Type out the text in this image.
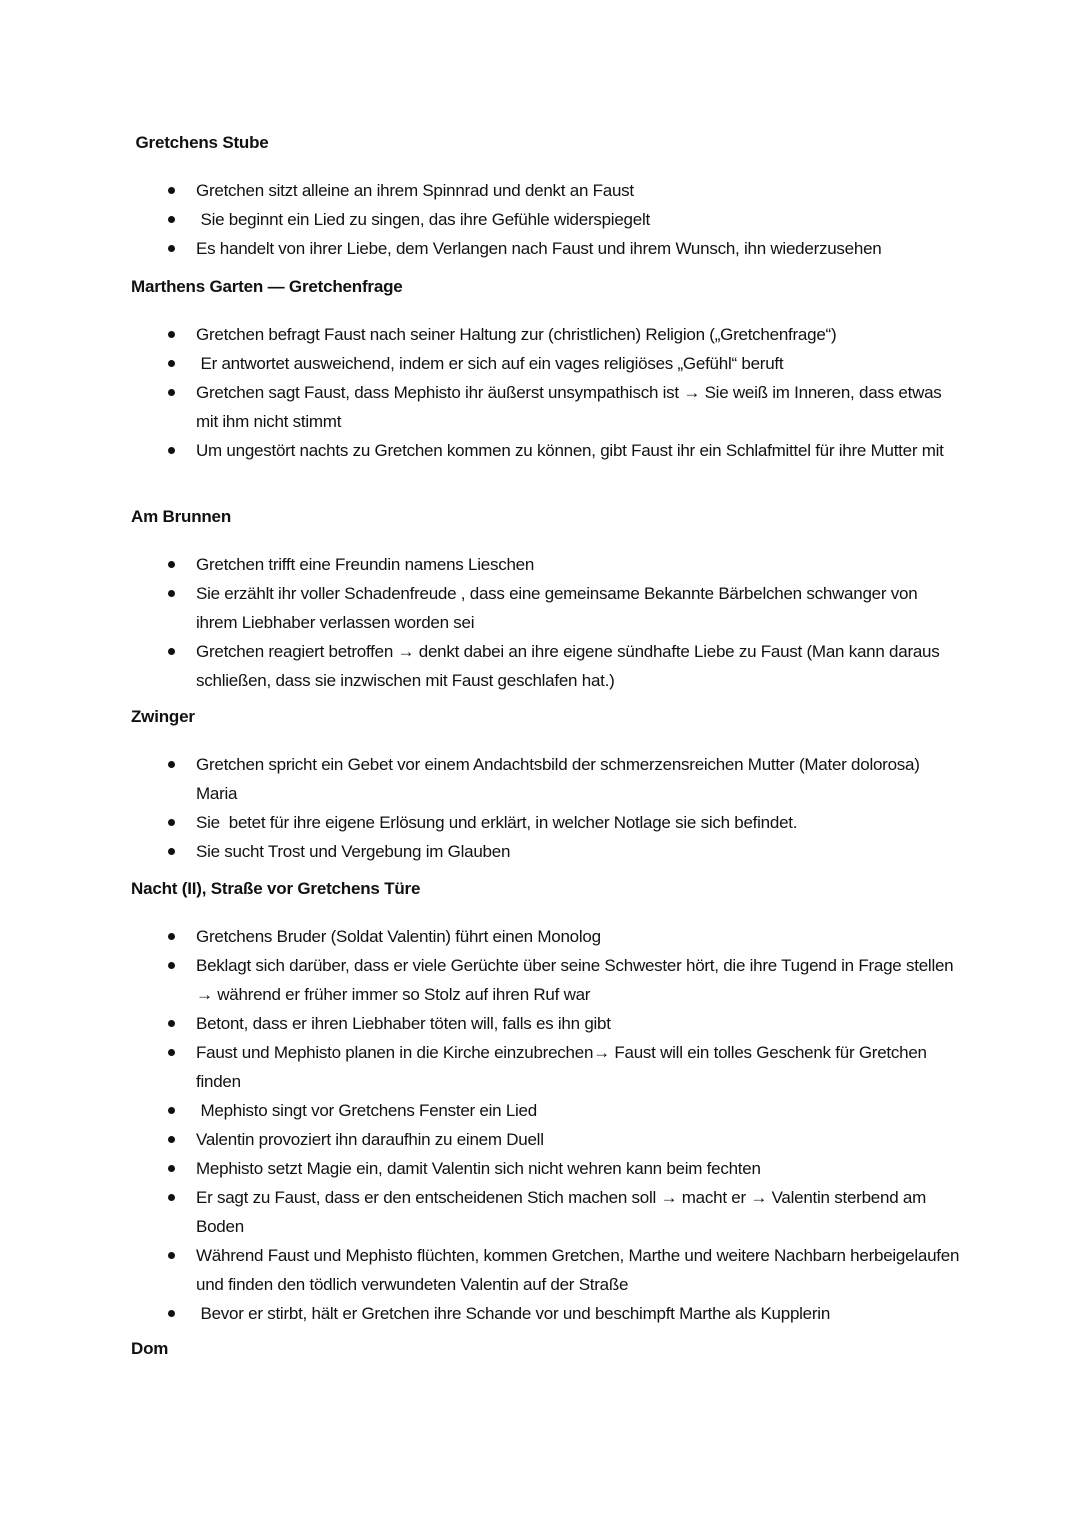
Gretchens Stube
Gretchen sitzt alleine an ihrem Spinnrad und denkt an Faust
Sie beginnt ein Lied zu singen, das ihre Gefühle widerspiegelt
Es handelt von ihrer Liebe, dem Verlangen nach Faust und ihrem Wunsch, ihn wiederzusehen
Marthens Garten — Gretchenfrage
Gretchen befragt Faust nach seiner Haltung zur (christlichen) Religion („Gretchenfrage“)
Er antwortet ausweichend, indem er sich auf ein vages religiöses „Gefühl“ beruft
Gretchen sagt Faust, dass Mephisto ihr äußerst unsympathisch ist → Sie weiß im Inneren, dass etwas mit ihm nicht stimmt
Um ungestört nachts zu Gretchen kommen zu können, gibt Faust ihr ein Schlafmittel für ihre Mutter mit
Am Brunnen
Gretchen trifft eine Freundin namens Lieschen
Sie erzählt ihr voller Schadenfreude , dass eine gemeinsame Bekannte Bärbelchen schwanger von ihrem Liebhaber verlassen worden sei
Gretchen reagiert betroffen → denkt dabei an ihre eigene sündhafte Liebe zu Faust (Man kann daraus schließen, dass sie inzwischen mit Faust geschlafen hat.)
Zwinger
Gretchen spricht ein Gebet vor einem Andachtsbild der schmerzensreichen Mutter (Mater dolorosa) Maria
Sie  betet für ihre eigene Erlösung und erklärt, in welcher Notlage sie sich befindet.
Sie sucht Trost und Vergebung im Glauben
Nacht (II), Straße vor Gretchens Türe
Gretchens Bruder (Soldat Valentin) führt einen Monolog
Beklagt sich darüber, dass er viele Gerüchte über seine Schwester hört, die ihre Tugend in Frage stellen → während er früher immer so Stolz auf ihren Ruf war
Betont, dass er ihren Liebhaber töten will, falls es ihn gibt
Faust und Mephisto planen in die Kirche einzubrechen→ Faust will ein tolles Geschenk für Gretchen finden
Mephisto singt vor Gretchens Fenster ein Lied
Valentin provoziert ihn daraufhin zu einem Duell
Mephisto setzt Magie ein, damit Valentin sich nicht wehren kann beim fechten
Er sagt zu Faust, dass er den entscheidenen Stich machen soll → macht er → Valentin sterbend am Boden
Während Faust und Mephisto flüchten, kommen Gretchen, Marthe und weitere Nachbarn herbeigelaufen und finden den tödlich verwundeten Valentin auf der Straße
Bevor er stirbt, hält er Gretchen ihre Schande vor und beschimpft Marthe als Kupplerin
Dom
